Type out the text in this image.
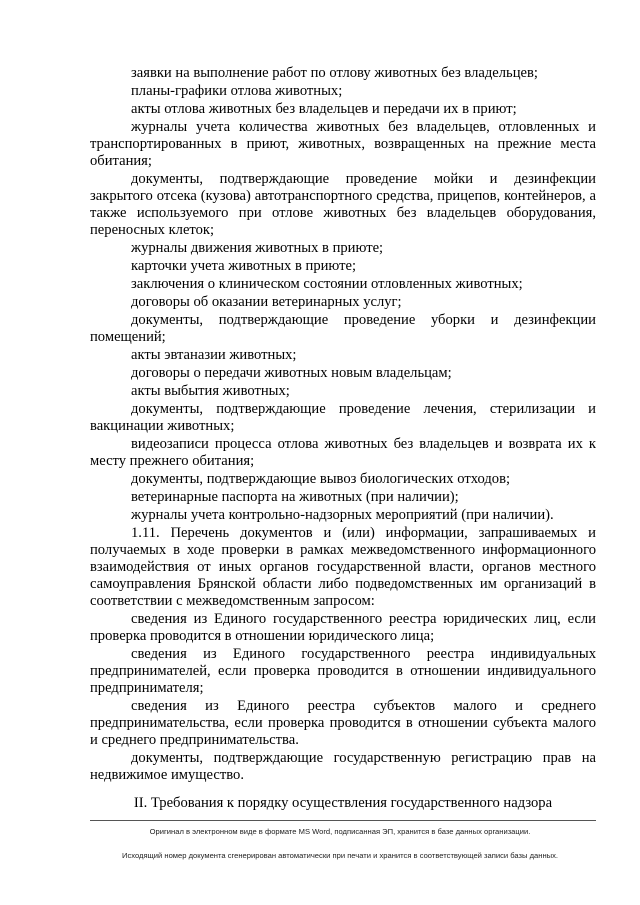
заявки на выполнение работ по отлову животных без владельцев;

планы-графики отлова животных;

акты отлова животных без владельцев и передачи их в приют;

журналы учета количества животных без владельцев, отловленных и транспортированных в приют, животных, возвращенных на прежние места обитания;

документы, подтверждающие проведение мойки и дезинфекции закрытого отсека (кузова) автотранспортного средства, прицепов, контейнеров, а также используемого при отлове животных без владельцев оборудования, переносных клеток;

журналы движения животных в приюте;

карточки учета животных в приюте;

заключения о клиническом состоянии отловленных животных;

договоры об оказании ветеринарных услуг;

документы, подтверждающие проведение уборки и дезинфекции помещений;

акты эвтаназии животных;

договоры о передачи животных новым владельцам;

акты выбытия животных;

документы, подтверждающие проведение лечения, стерилизации и вакцинации животных;

видеозаписи процесса отлова животных без владельцев и возврата их к месту прежнего обитания;

документы, подтверждающие вывоз биологических отходов;

ветеринарные паспорта на животных (при наличии);

журналы учета контрольно-надзорных мероприятий (при наличии).

1.11. Перечень документов и (или) информации, запрашиваемых и получаемых в ходе проверки в рамках межведомственного информационного взаимодействия от иных органов государственной власти, органов местного самоуправления Брянской области либо подведомственных им организаций в соответствии с межведомственным запросом:

сведения из Единого государственного реестра юридических лиц, если проверка проводится в отношении юридического лица;

сведения из Единого государственного реестра индивидуальных предпринимателей, если проверка проводится в отношении индивидуального предпринимателя;

сведения из Единого реестра субъектов малого и среднего предпринимательства, если проверка проводится в отношении субъекта малого и среднего предпринимательства.

документы, подтверждающие государственную регистрацию прав на недвижимое имущество.

II. Требования к порядку осуществления государственного надзора
Оригинал в электронном виде в формате MS Word, подписанная ЭП, хранится в базе данных организации.
Исходящий номер документа сгенерирован автоматически при печати и хранится в соответствующей записи базы данных.
